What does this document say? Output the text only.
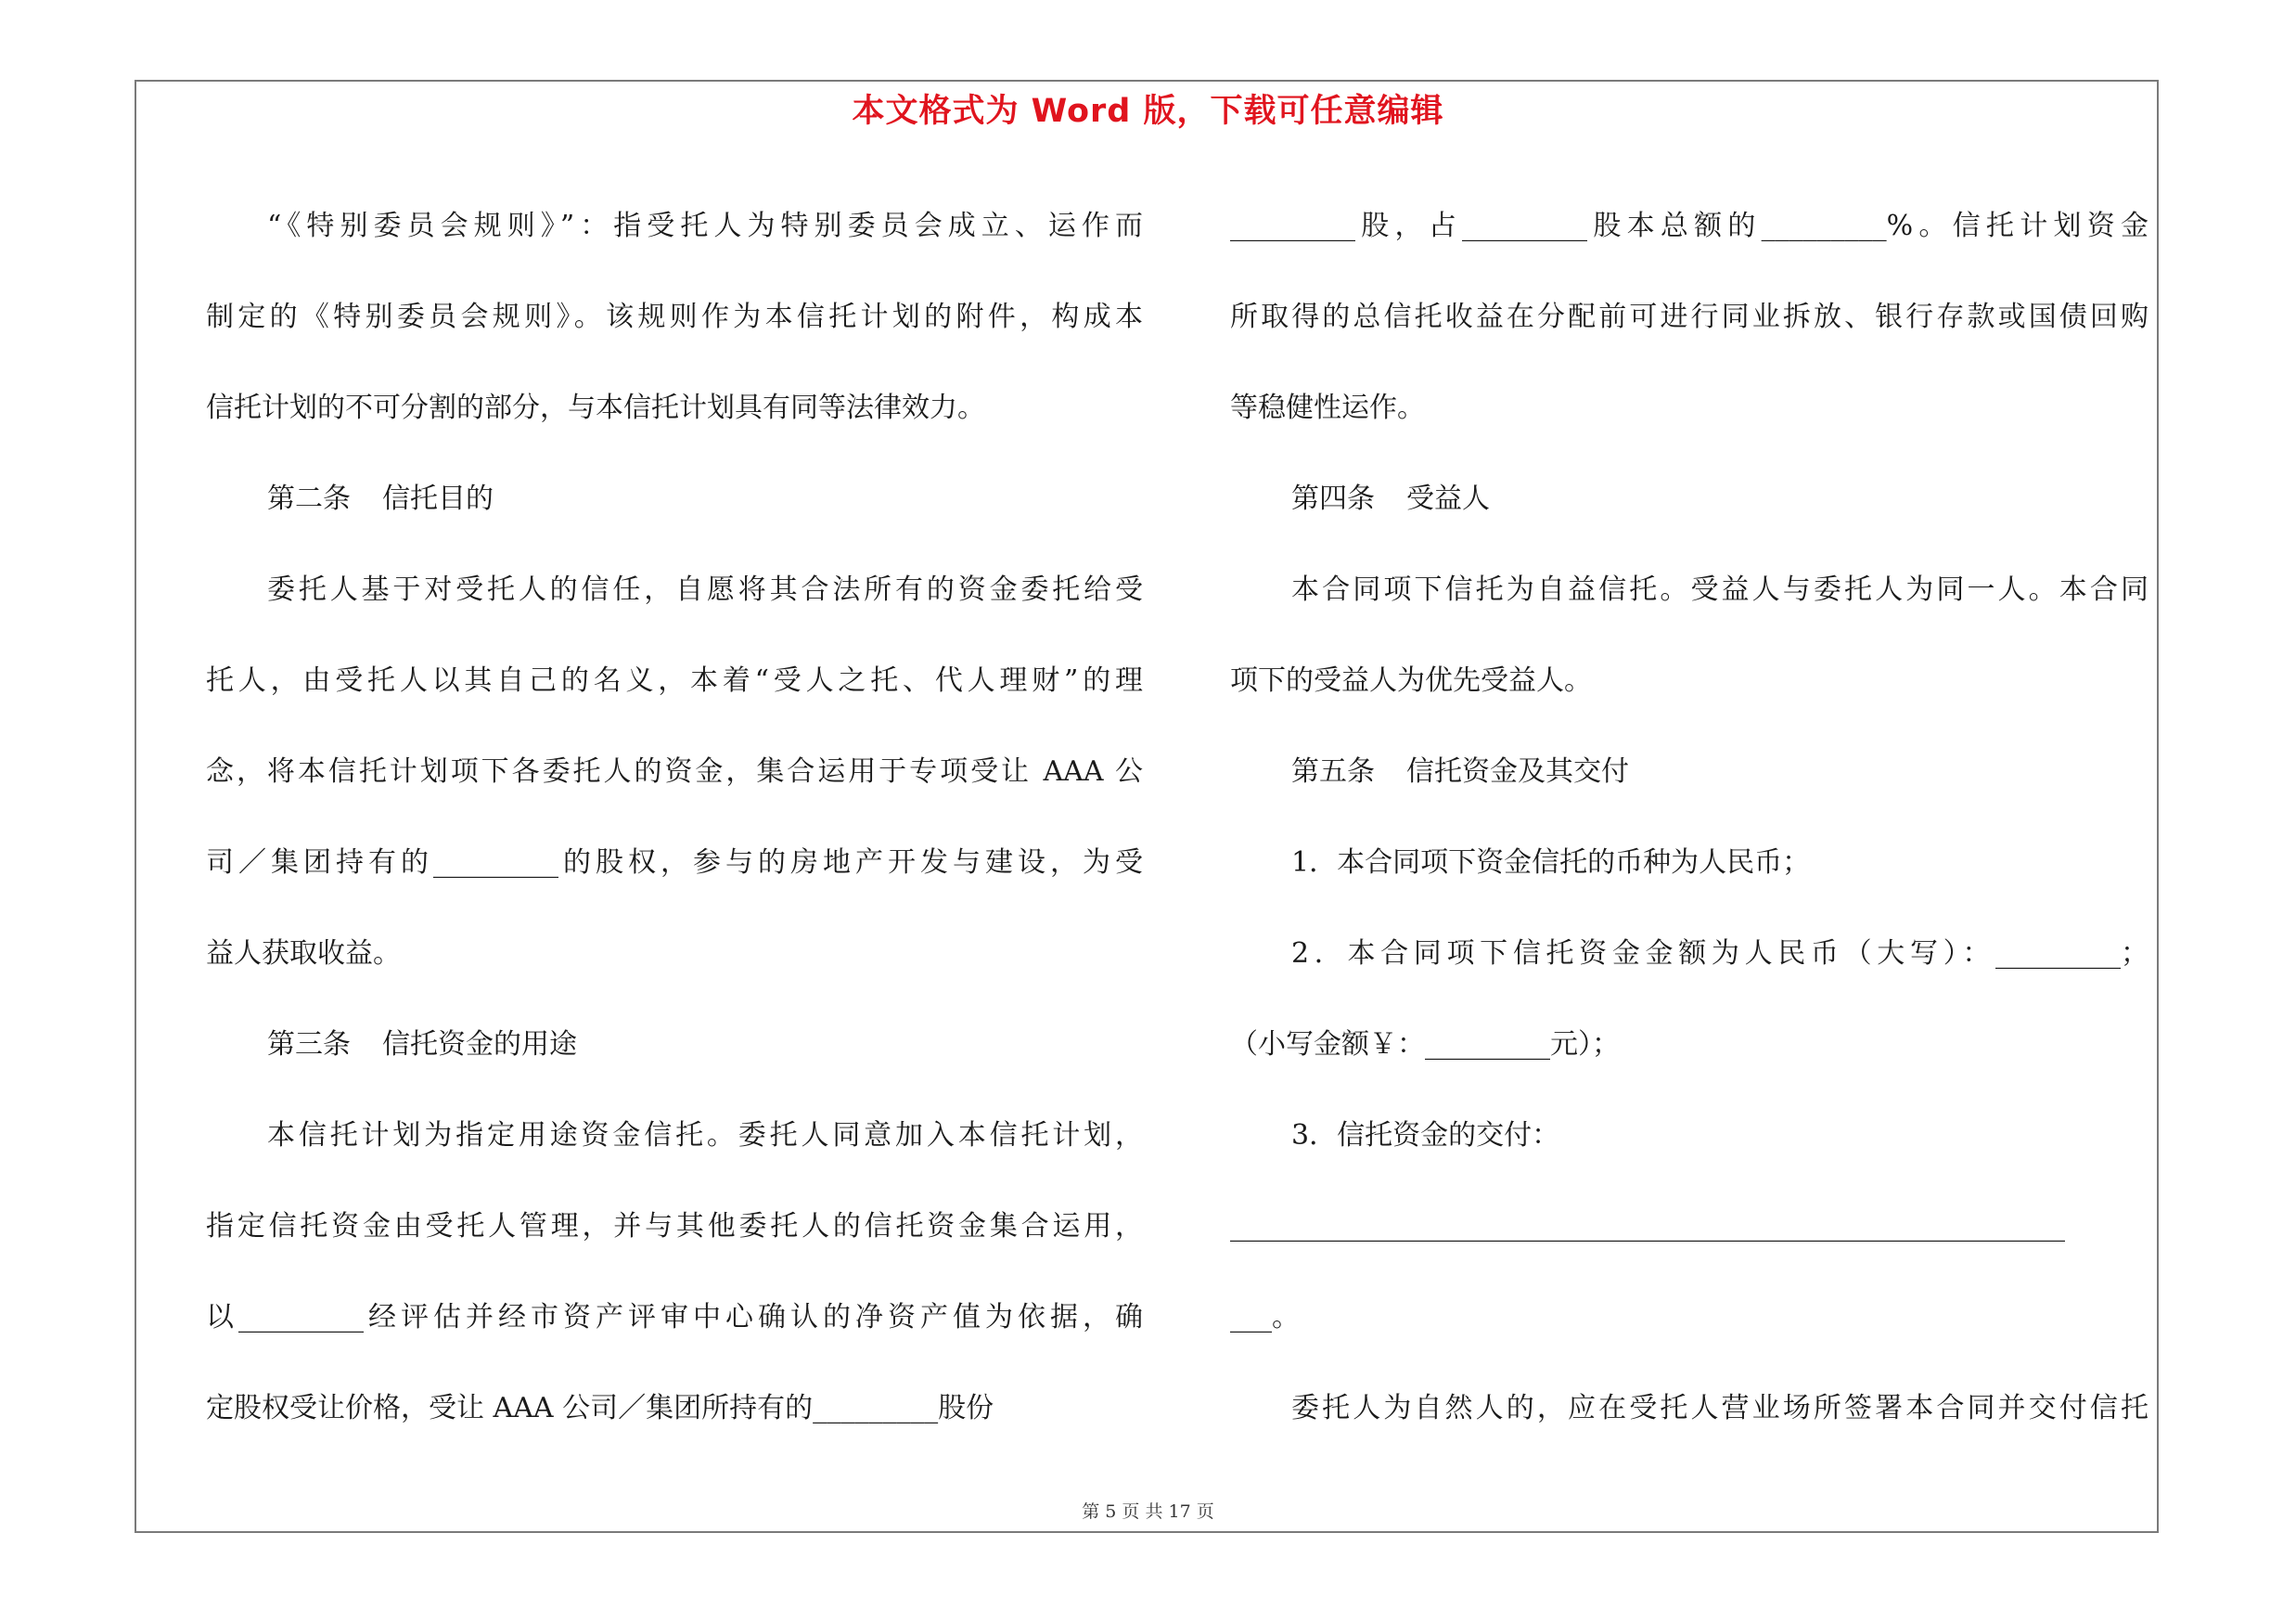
本文格式为 Word 版，下载可任意编辑
“《特别委员会规则》”：指受托人为特别委员会成立、运作而
制定的《特别委员会规则》。该规则作为本信托计划的附件，构成本
信托计划的不可分割的部分，与本信托计划具有同等法律效力。
第二条 信托目的
委托人基于对受托人的信任，自愿将其合法所有的资金委托给受
托人，由受托人以其自己的名义，本着“受人之托、代人理财”的理
念，将本信托计划项下各委托人的资金，集合运用于专项受让 AAA 公
司／集团持有的_________的股权，参与的房地产开发与建设，为受
益人获取收益。
第三条 信托资金的用途
本信托计划为指定用途资金信托。委托人同意加入本信托计划，
指定信托资金由受托人管理，并与其他委托人的信托资金集合运用，
以_________经评估并经市资产评审中心确认的净资产值为依据，确
定股权受让价格，受让 AAA 公司／集团所持有的_________股份
_________股，占_________股本总额的_________%。信托计划资金
所取得的总信托收益在分配前可进行同业拆放、银行存款或国债回购
等稳健性运作。
第四条 受益人
本合同项下信托为自益信托。受益人与委托人为同一人。本合同
项下的受益人为优先受益人。
第五条 信托资金及其交付
1．本合同项下资金信托的币种为人民币；
2．本合同项下信托资金金额为人民币（大写）：_________；
（小写金额￥：_________元）；
3．信托资金的交付：
____________________________________________________________
___。
委托人为自然人的，应在受托人营业场所签署本合同并交付信托
第 5 页 共 17 页
